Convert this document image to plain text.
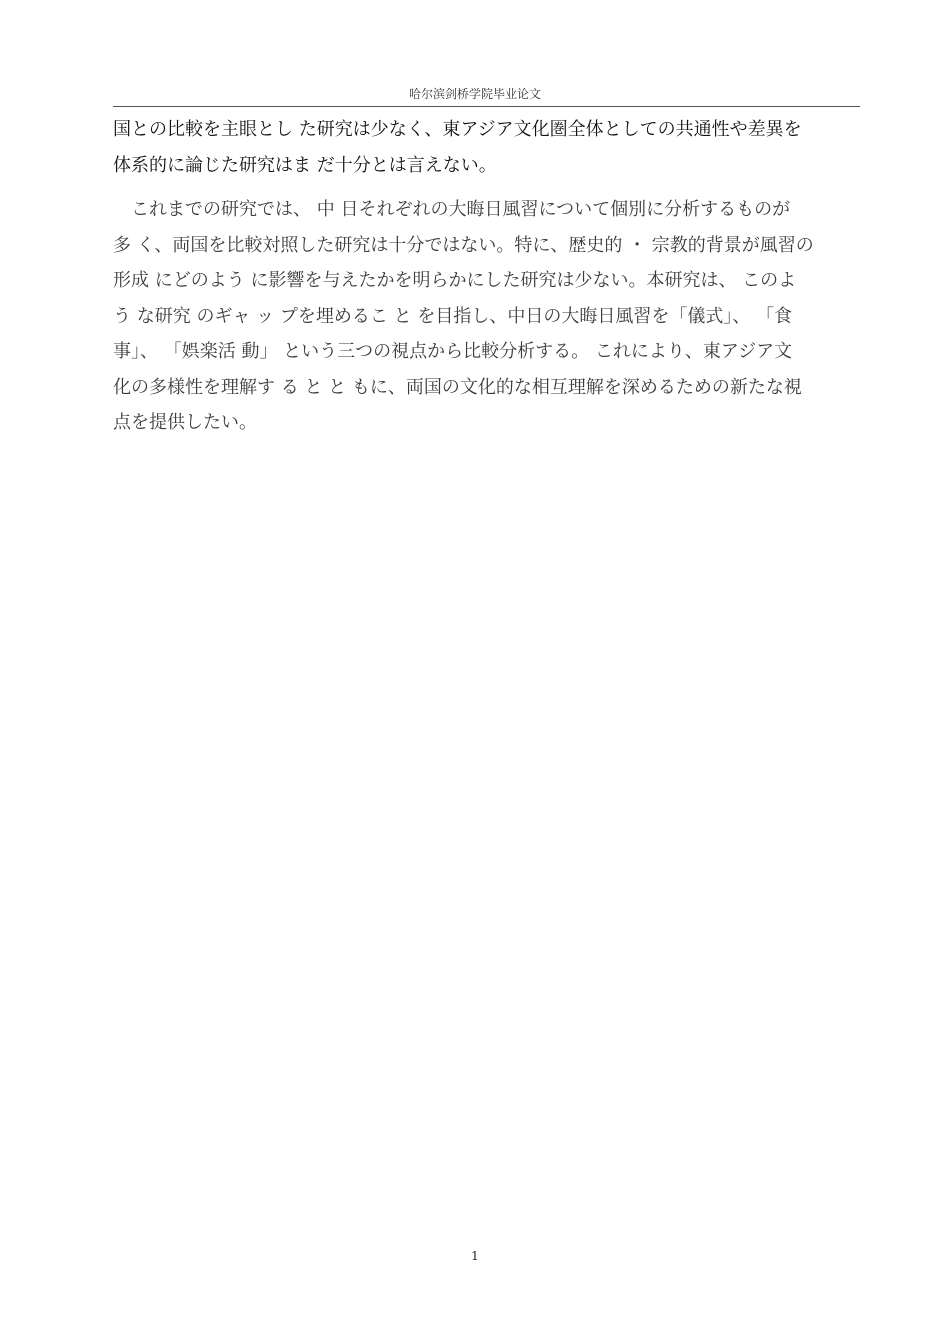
哈尔滨剑桥学院毕业论文
国との比較を主眼とし た研究は少なく、東アジア文化圏全体としての共通性や差異を
体系的に論じた研究はま だ十分とは言えない。
　これまでの研究では、 中 日それぞれの大晦日風習について個別に分析するものが
多 く、両国を比較対照した研究は十分ではない。特に、歴史的 ・ 宗教的背景が風習の
形成 にどのよう に影響を与えたかを明らかにした研究は少ない。本研究は、 このよ
う な研究 のギャ ッ プを埋めるこ と を目指し、中日の大晦日風習を「儀式」、 「食
事」、 「娯楽活 動」 という三つの視点から比較分析する。 これにより、東アジア文
化の多様性を理解す る と と もに、両国の文化的な相互理解を深めるための新たな視
点を提供したい。
1
